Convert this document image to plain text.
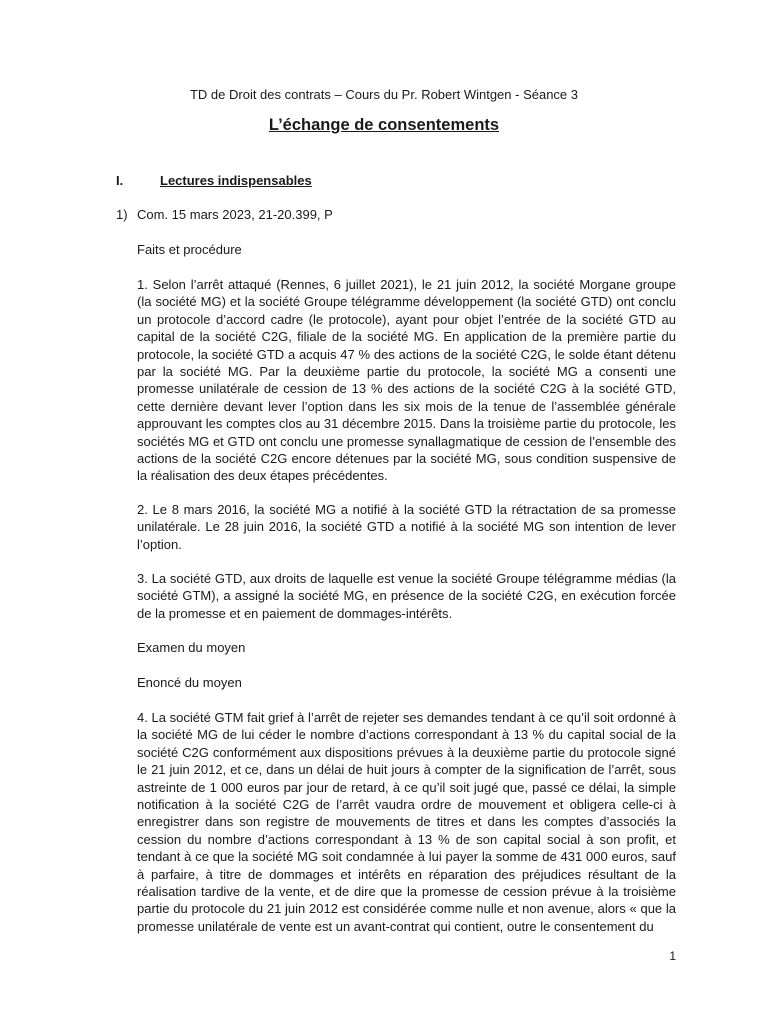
TD de Droit des contrats – Cours du Pr. Robert Wintgen - Séance 3
L’échange de consentements
I.	Lectures indispensables
1) Com. 15 mars 2023, 21-20.399, P
Faits et procédure
1. Selon l’arrêt attaqué (Rennes, 6 juillet 2021), le 21 juin 2012, la société Morgane groupe (la société MG) et la société Groupe télégramme développement (la société GTD) ont conclu un protocole d’accord cadre (le protocole), ayant pour objet l’entrée de la société GTD au capital de la société C2G, filiale de la société MG. En application de la première partie du protocole, la société GTD a acquis 47 % des actions de la société C2G, le solde étant détenu par la société MG. Par la deuxième partie du protocole, la société MG a consenti une promesse unilatérale de cession de 13 % des actions de la société C2G à la société GTD, cette dernière devant lever l’option dans les six mois de la tenue de l’assemblée générale approuvant les comptes clos au 31 décembre 2015. Dans la troisième partie du protocole, les sociétés MG et GTD ont conclu une promesse synallagmatique de cession de l’ensemble des actions de la société C2G encore détenues par la société MG, sous condition suspensive de la réalisation des deux étapes précédentes.
2. Le 8 mars 2016, la société MG a notifié à la société GTD la rétractation de sa promesse unilatérale. Le 28 juin 2016, la société GTD a notifié à la société MG son intention de lever l’option.
3. La société GTD, aux droits de laquelle est venue la société Groupe télégramme médias (la société GTM), a assigné la société MG, en présence de la société C2G, en exécution forcée de la promesse et en paiement de dommages-intérêts.
Examen du moyen
Enoncé du moyen
4. La société GTM fait grief à l’arrêt de rejeter ses demandes tendant à ce qu’il soit ordonné à la société MG de lui céder le nombre d’actions correspondant à 13 % du capital social de la société C2G conformément aux dispositions prévues à la deuxième partie du protocole signé le 21 juin 2012, et ce, dans un délai de huit jours à compter de la signification de l’arrêt, sous astreinte de 1 000 euros par jour de retard, à ce qu’il soit jugé que, passé ce délai, la simple notification à la société C2G de l’arrêt vaudra ordre de mouvement et obligera celle-ci à enregistrer dans son registre de mouvements de titres et dans les comptes d’associés la cession du nombre d’actions correspondant à 13 % de son capital social à son profit, et tendant à ce que la société MG soit condamnée à lui payer la somme de 431 000 euros, sauf à parfaire, à titre de dommages et intérêts en réparation des préjudices résultant de la réalisation tardive de la vente, et de dire que la promesse de cession prévue à la troisième partie du protocole du 21 juin 2012 est considérée comme nulle et non avenue, alors « que la promesse unilatérale de vente est un avant-contrat qui contient, outre le consentement du
1
